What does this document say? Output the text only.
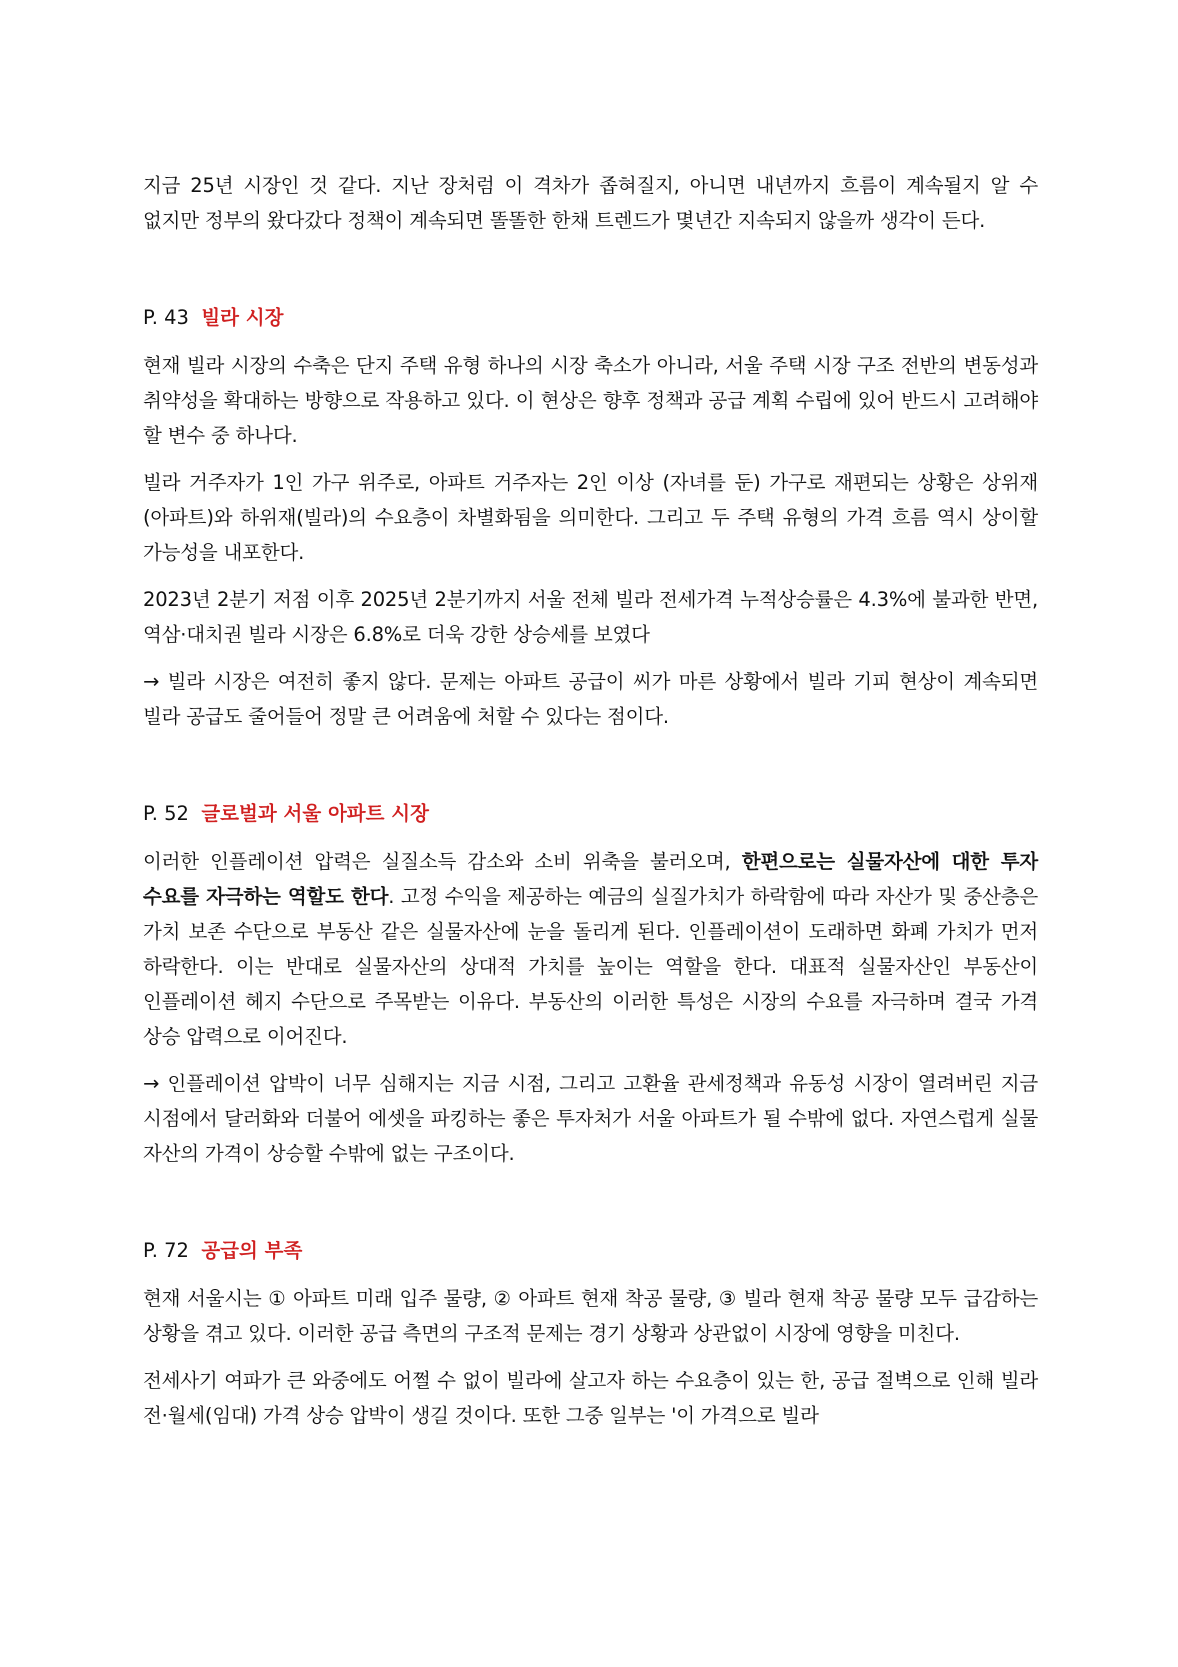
지금 25년 시장인 것 같다. 지난 장처럼 이 격차가 좁혀질지, 아니면 내년까지 흐름이 계속될지 알 수 없지만 정부의 왔다갔다 정책이 계속되면 똘똘한 한채 트렌드가 몇년간 지속되지 않을까 생각이 든다.

P. 43 빌라 시장

현재 빌라 시장의 수축은 단지 주택 유형 하나의 시장 축소가 아니라, 서울 주택 시장 구조 전반의 변동성과 취약성을 확대하는 방향으로 작용하고 있다. 이 현상은 향후 정책과 공급 계획 수립에 있어 반드시 고려해야 할 변수 중 하나다.

빌라 거주자가 1인 가구 위주로, 아파트 거주자는 2인 이상 (자녀를 둔) 가구로 재편되는 상황은 상위재(아파트)와 하위재(빌라)의 수요층이 차별화됨을 의미한다. 그리고 두 주택 유형의 가격 흐름 역시 상이할 가능성을 내포한다.

2023년 2분기 저점 이후 2025년 2분기까지 서울 전체 빌라 전세가격 누적상승률은 4.3%에 불과한 반면, 역삼·대치권 빌라 시장은 6.8%로 더욱 강한 상승세를 보였다

→ 빌라 시장은 여전히 좋지 않다. 문제는 아파트 공급이 씨가 마른 상황에서 빌라 기피 현상이 계속되면 빌라 공급도 줄어들어 정말 큰 어려움에 처할 수 있다는 점이다.

P. 52 글로벌과 서울 아파트 시장

이러한 인플레이션 압력은 실질소득 감소와 소비 위축을 불러오며, 한편으로는 실물자산에 대한 투자 수요를 자극하는 역할도 한다. 고정 수익을 제공하는 예금의 실질가치가 하락함에 따라 자산가 및 중산층은 가치 보존 수단으로 부동산 같은 실물자산에 눈을 돌리게 된다. 인플레이션이 도래하면 화폐 가치가 먼저 하락한다. 이는 반대로 실물자산의 상대적 가치를 높이는 역할을 한다. 대표적 실물자산인 부동산이 인플레이션 헤지 수단으로 주목받는 이유다. 부동산의 이러한 특성은 시장의 수요를 자극하며 결국 가격 상승 압력으로 이어진다.

→ 인플레이션 압박이 너무 심해지는 지금 시점, 그리고 고환율 관세정책과 유동성 시장이 열려버린 지금 시점에서 달러화와 더불어 에셋을 파킹하는 좋은 투자처가 서울 아파트가 될 수밖에 없다. 자연스럽게 실물 자산의 가격이 상승할 수밖에 없는 구조이다.

P. 72 공급의 부족

현재 서울시는 ① 아파트 미래 입주 물량, ② 아파트 현재 착공 물량, ③ 빌라 현재 착공 물량 모두 급감하는 상황을 겪고 있다. 이러한 공급 측면의 구조적 문제는 경기 상황과 상관없이 시장에 영향을 미친다.

전세사기 여파가 큰 와중에도 어쩔 수 없이 빌라에 살고자 하는 수요층이 있는 한, 공급 절벽으로 인해 빌라 전·월세(임대) 가격 상승 압박이 생길 것이다. 또한 그중 일부는 '이 가격으로 빌라
